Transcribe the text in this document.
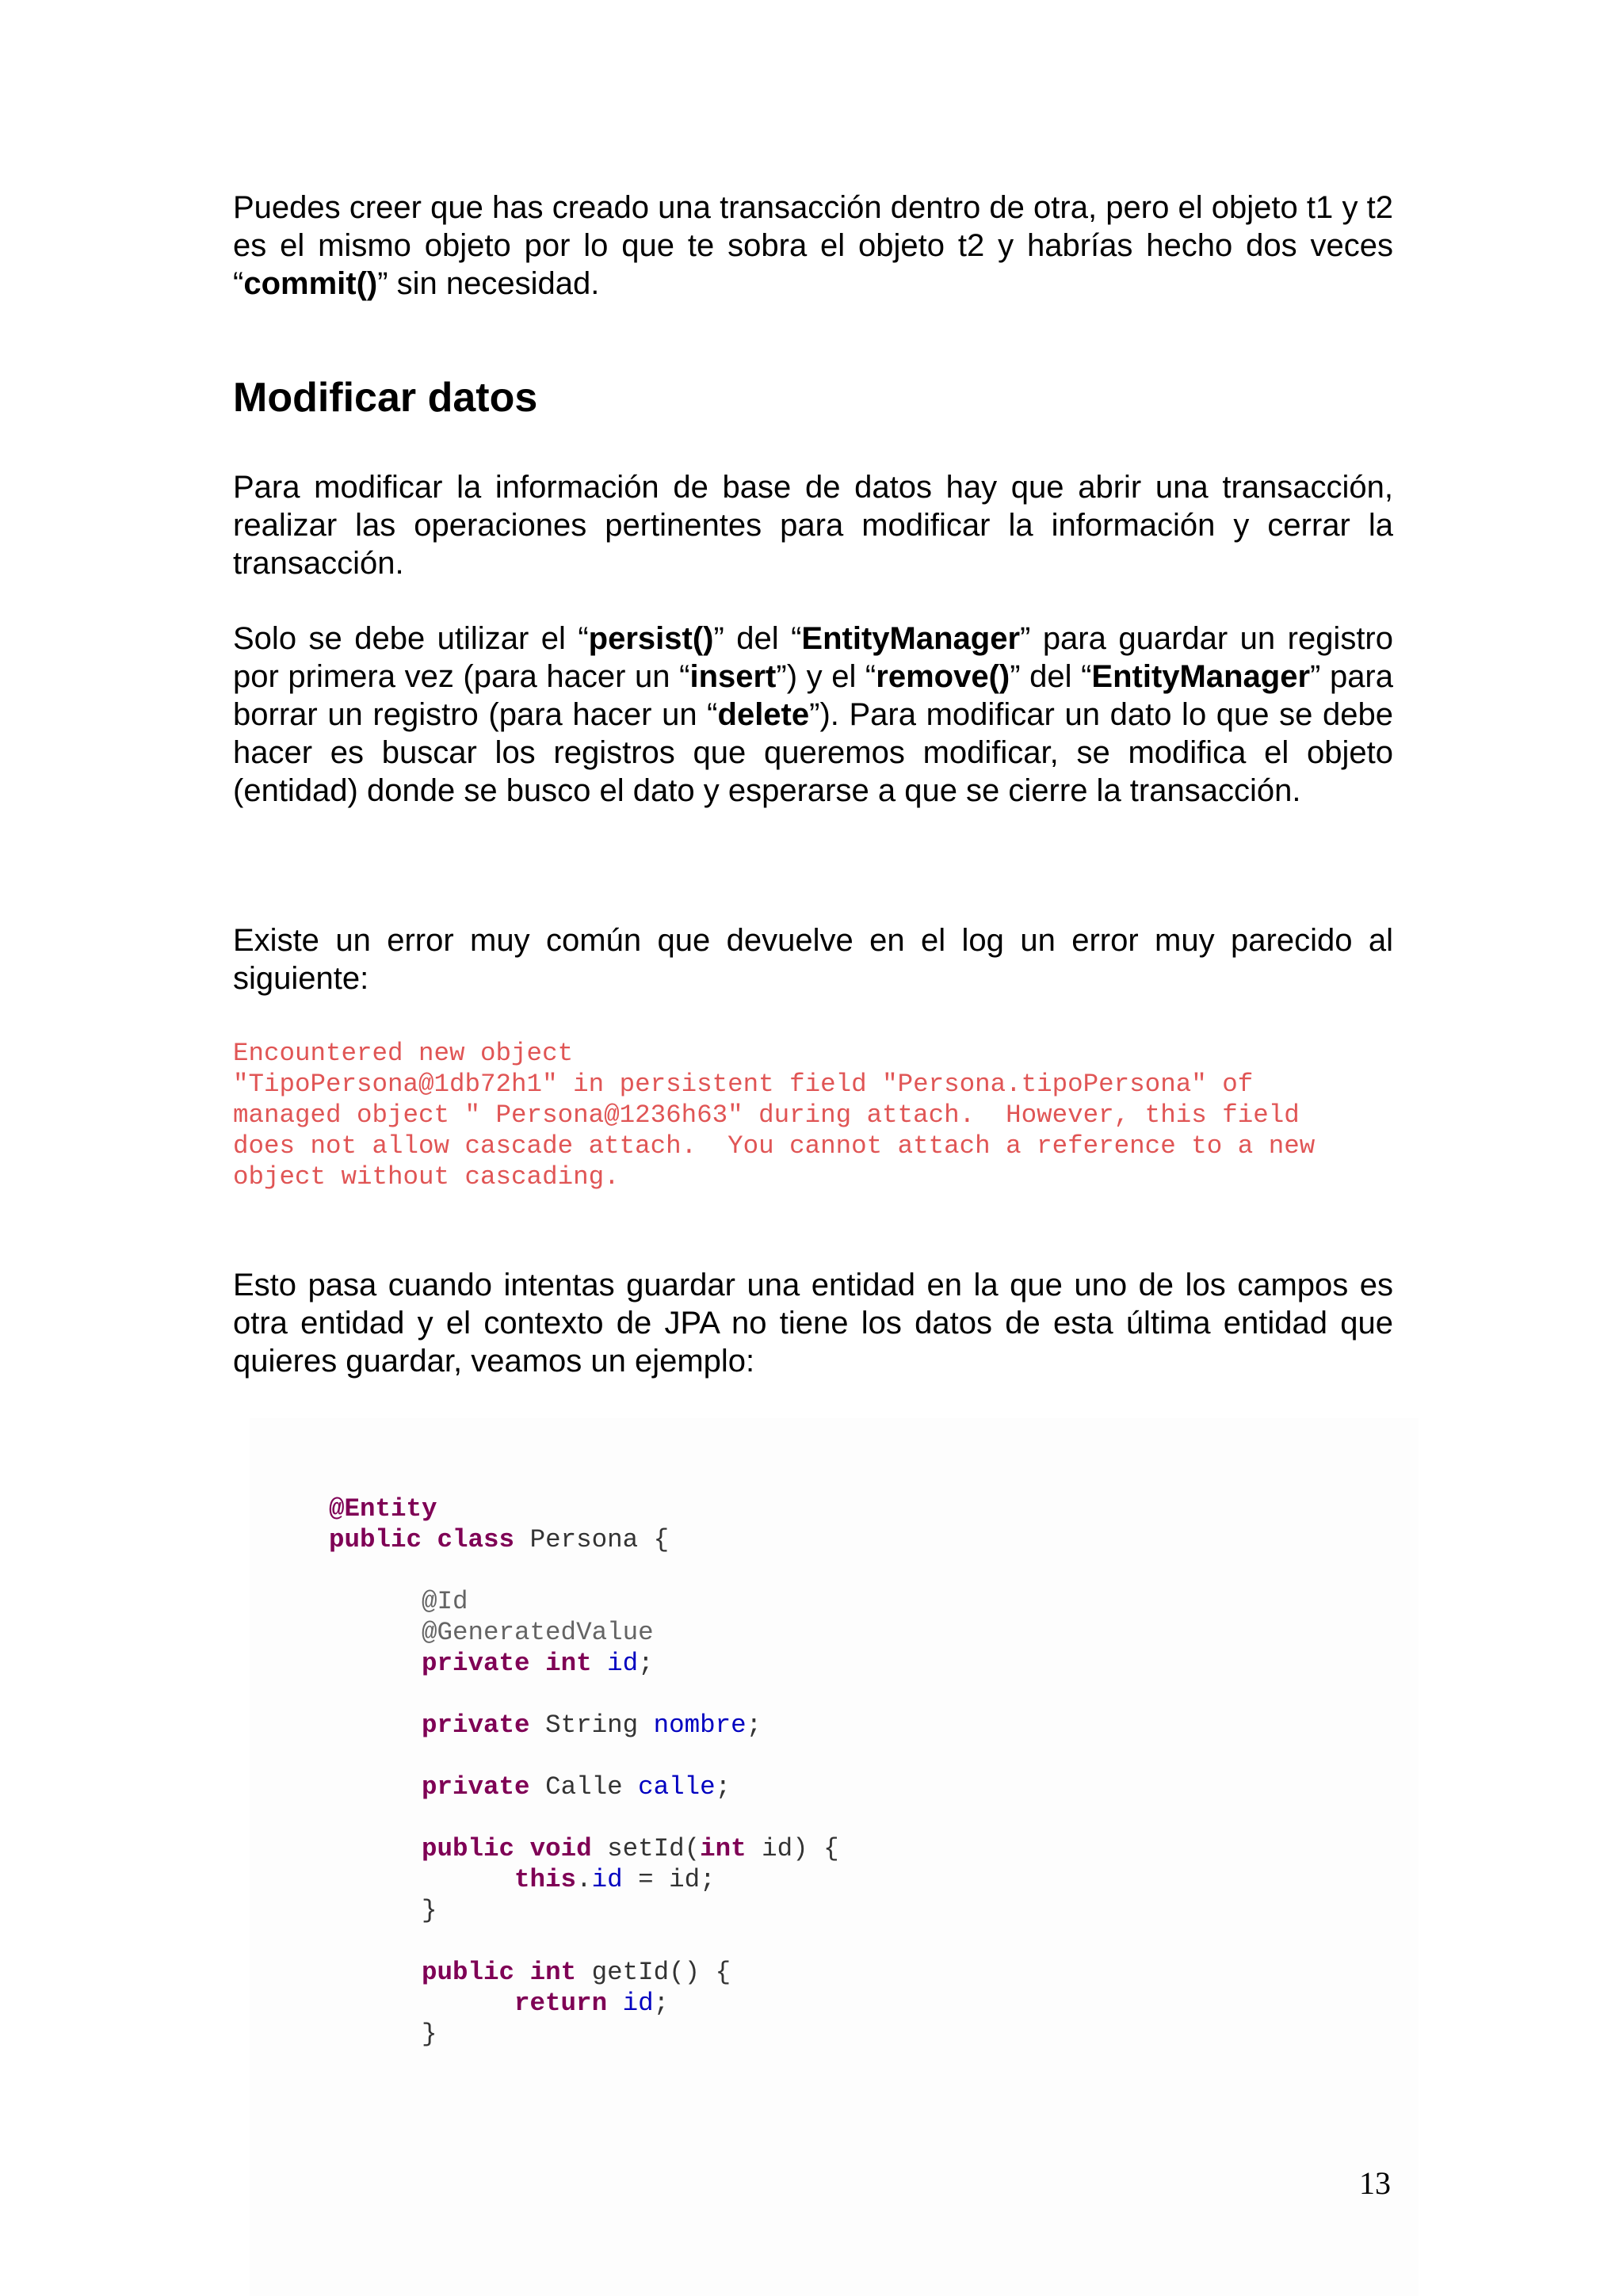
Puedes creer que has creado una transacción dentro de otra, pero el objeto t1 y t2 es el mismo objeto por lo que te sobra el objeto t2 y habrías hecho dos veces “commit()” sin necesidad.

Modificar datos

Para modificar la información de base de datos hay que abrir una transacción, realizar las operaciones pertinentes para modificar la información y cerrar la transacción.

Solo se debe utilizar el “persist()” del “EntityManager” para guardar un registro por primera vez (para hacer un “insert”) y el “remove()” del “EntityManager” para borrar un registro (para hacer un “delete”). Para modificar un dato lo que se debe hacer es buscar los registros que queremos modificar, se modifica el objeto (entidad) donde se busco el dato y esperarse a que se cierre la transacción.

Existe un error muy común que devuelve en el log un error muy parecido al siguiente:

Encountered new object
"TipoPersona@1db72h1" in persistent field "Persona.tipoPersona" of
managed object " Persona@1236h63" during attach.  However, this field
does not allow cascade attach.  You cannot attach a reference to a new
object without cascading.

Esto pasa cuando intentas guardar una entidad en la que uno de los campos es otra entidad y el contexto de JPA no tiene los datos de esta última entidad que quieres guardar, veamos un ejemplo:

@Entity
public class Persona {

@Id
@GeneratedValue
private int id;

private String nombre;

private Calle calle;

public void setId(int id) {
this.id = id;
}

public int getId() {
return id;
}
13
